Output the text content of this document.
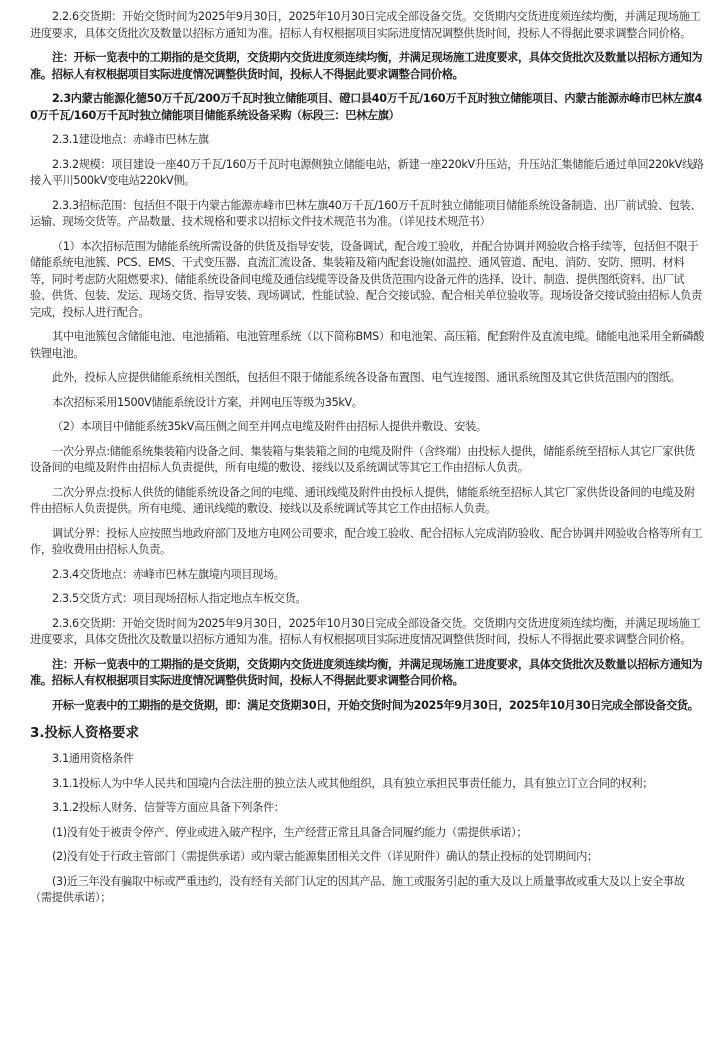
2.2.6交货期：开始交货时间为2025年9月30日，2025年10月30日完成全部设备交货。交货期内交货进度须连续均衡，并满足现场施工进度要求，具体交货批次及数量以招标方通知为准。招标人有权根据项目实际进度情况调整供货时间，投标人不得据此要求调整合同价格。

注：开标一览表中的工期指的是交货期，交货期内交货进度须连续均衡，并满足现场施工进度要求，具体交货批次及数量以招标方通知为准。招标人有权根据项目实际进度情况调整供货时间，投标人不得据此要求调整合同价格。

2.3内蒙古能源化德50万千瓦/200万千瓦时独立储能项目、磴口县40万千瓦/160万千瓦时独立储能项目、内蒙古能源赤峰市巴林左旗40万千瓦/160万千瓦时独立储能项目储能系统设备采购（标段三：巴林左旗）

2.3.1建设地点：赤峰市巴林左旗

2.3.2规模：项目建设一座40万千瓦/160万千瓦时电源侧独立储能电站，新建一座220kV升压站，升压站汇集储能后通过单回220kV线路接入平川500kV变电站220kV侧。

2.3.3招标范围：包括但不限于内蒙古能源赤峰市巴林左旗40万千瓦/160万千瓦时独立储能项目储能系统设备制造、出厂前试验、包装、运输、现场交货等。产品数量、技术规格和要求以招标文件技术规范书为准。（详见技术规范书）

（1）本次招标范围为储能系统所需设备的供货及指导安装，设备调试，配合竣工验收，并配合协调并网验收合格手续等，包括但不限于储能系统电池簇、PCS、EMS、干式变压器、直流汇流设备、集装箱及箱内配套设施(如温控、通风管道、配电、消防、安防、照明、材料等，同时考虑防火阻燃要求)、储能系统设备间电缆及通信线缆等设备及供货范围内设备元件的选择、设计、制造、提供图纸资料、出厂试验、供货、包装、发运、现场交货、指导安装、现场调试、性能试验、配合交接试验、配合相关单位验收等。现场设备交接试验由招标人负责完成，投标人进行配合。

其中电池簇包含储能电池、电池插箱、电池管理系统（以下简称BMS）和电池架、高压箱、配套附件及直流电缆。储能电池采用全新磷酸铁锂电池。

此外，投标人应提供储能系统相关图纸，包括但不限于储能系统各设备布置图、电气连接图、通讯系统图及其它供货范围内的图纸。

本次招标采用1500V储能系统设计方案，并网电压等级为35kV。

（2）本项目中储能系统35kV高压侧之间至并网点电缆及附件由招标人提供并敷设、安装。

一次分界点:储能系统集装箱内设备之间、集装箱与集装箱之间的电缆及附件（含终端）由投标人提供，储能系统至招标人其它厂家供货设备间的电缆及附件由招标人负责提供，所有电缆的敷设、接线以及系统调试等其它工作由招标人负责。

二次分界点:投标人供货的储能系统设备之间的电缆、通讯线缆及附件由投标人提供，储能系统至招标人其它厂家供货设备间的电缆及附件由招标人负责提供。所有电缆、通讯线缆的敷设、接线以及系统调试等其它工作由招标人负责。

调试分界：投标人应按照当地政府部门及地方电网公司要求，配合竣工验收、配合招标人完成消防验收、配合协调并网验收合格等所有工作，验收费用由招标人负责。

2.3.4交货地点：赤峰市巴林左旗境内项目现场。

2.3.5交货方式：项目现场招标人指定地点车板交货。

2.3.6交货期：开始交货时间为2025年9月30日，2025年10月30日完成全部设备交货。交货期内交货进度须连续均衡，并满足现场施工进度要求，具体交货批次及数量以招标方通知为准。招标人有权根据项目实际进度情况调整供货时间，投标人不得据此要求调整合同价格。

注：开标一览表中的工期指的是交货期，交货期内交货进度须连续均衡，并满足现场施工进度要求，具体交货批次及数量以招标方通知为准。招标人有权根据项目实际进度情况调整供货时间，投标人不得据此要求调整合同价格。

开标一览表中的工期指的是交货期，即：满足交货期30日，开始交货时间为2025年9月30日，2025年10月30日完成全部设备交货。

3.投标人资格要求

3.1通用资格条件

3.1.1投标人为中华人民共和国境内合法注册的独立法人或其他组织，具有独立承担民事责任能力，具有独立订立合同的权利；

3.1.2投标人财务、信誉等方面应具备下列条件：

(1)没有处于被责令停产、停业或进入破产程序，生产经营正常且具备合同履约能力（需提供承诺）；

(2)没有处于行政主管部门（需提供承诺）或内蒙古能源集团相关文件（详见附件）确认的禁止投标的处罚期间内；

(3)近三年没有骗取中标或严重违约，没有经有关部门认定的因其产品、施工或服务引起的重大及以上质量事故或重大及以上安全事故（需提供承诺）；
